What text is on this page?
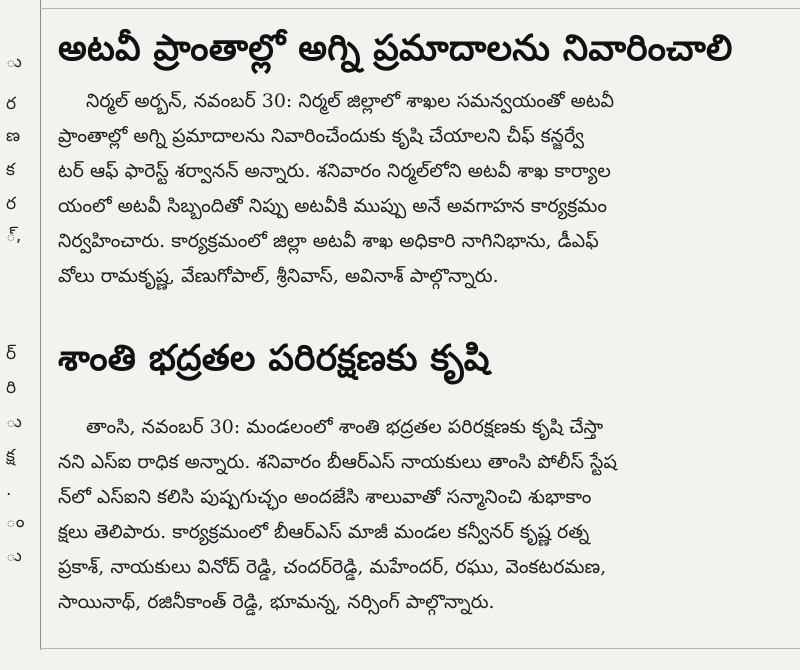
ు
ర
ణ
క
ర
్,
ర్
రి
ు
క్ష
.
ం
ు
అటవీ ప్రాంతాల్లో అగ్ని ప్రమాదాలను నివారించాలి
నిర్మల్ అర్బన్, నవంబర్ 30: నిర్మల్ జిల్లాలో శాఖల సమన్వయంతో అటవీ
ప్రాంతాల్లో అగ్ని ప్రమాదాలను నివారించేందుకు కృషి చేయాలని చీఫ్ కన్జర్వే
టర్ ఆఫ్ ఫారెస్ట్ శర్వానన్ అన్నారు. శనివారం నిర్మల్‌లోని అటవీ శాఖ కార్యాల
యంలో అటవీ సిబ్బందితో నిప్పు అటవీకి ముప్పు అనే అవగాహన కార్యక్రమం
నిర్వహించారు. కార్యక్రమంలో జిల్లా అటవీ శాఖ అధికారి నాగినిభాను, డీఎఫ్
వోలు రామకృష్ణ, వేణుగోపాల్, శ్రీనివాస్, అవినాశ్ పాల్గొన్నారు.
శాంతి భద్రతల పరిరక్షణకు కృషి
తాంసి, నవంబర్ 30: మండలంలో శాంతి భద్రతల పరిరక్షణకు కృషి చేస్తా
నని ఎస్ఐ రాధిక అన్నారు. శనివారం బీఆర్ఎస్ నాయకులు తాంసి పోలీస్ స్టేష
న్‌లో ఎస్ఐని కలిసి పుష్పగుచ్ఛం అందజేసి శాలువాతో సన్మానించి శుభాకాం
క్షలు తెలిపారు. కార్యక్రమంలో బీఆర్ఎస్ మాజీ మండల కన్వీనర్ కృష్ణ రత్న
ప్రకాశ్, నాయకులు వినోద్ రెడ్డి, చందర్‌రెడ్డి, మహేందర్, రఘు, వెంకటరమణ,
సాయినాథ్, రజినీకాంత్ రెడ్డి, భూమన్న, నర్సింగ్ పాల్గొన్నారు.
